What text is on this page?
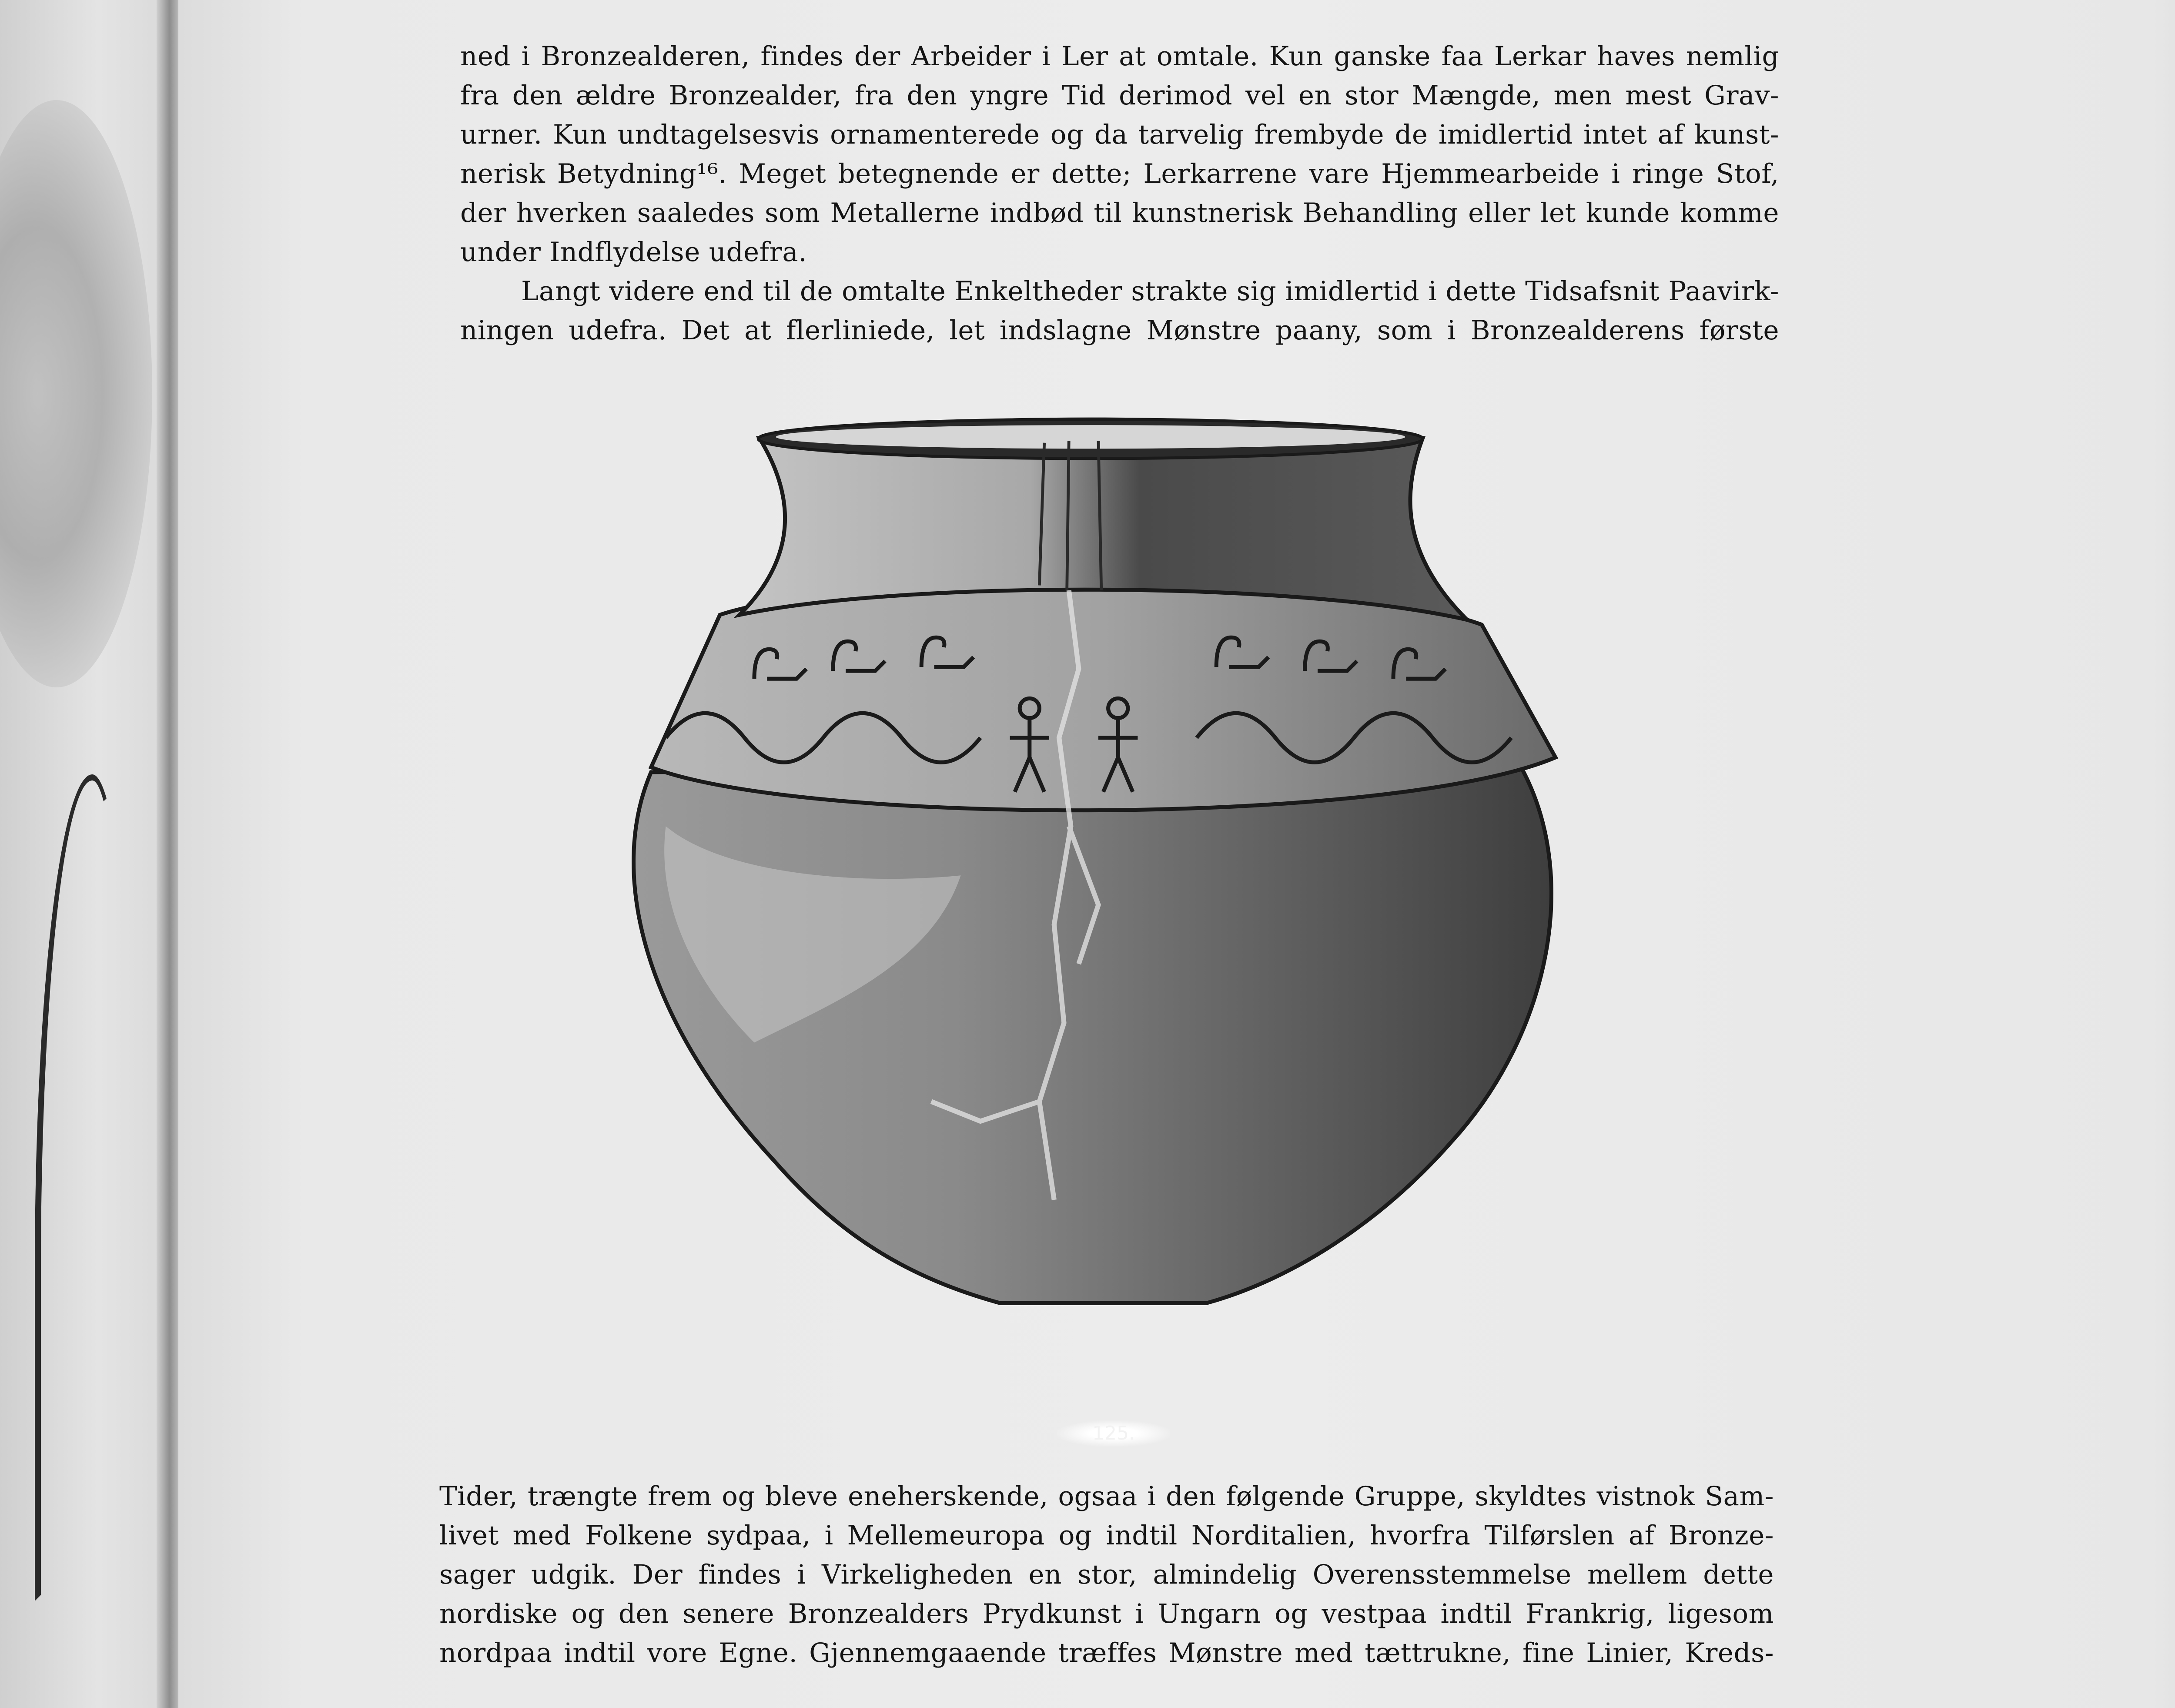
ned i Bronzealderen, findes der Arbeider i Ler at omtale. Kun ganske faa Lerkar haves nemlig
fra den ældre Bronzealder, fra den yngre Tid derimod vel en stor Mængde, men mest Grav-
urner. Kun undtagelsesvis ornamenterede og da tarvelig frembyde de imidlertid intet af kunst-
nerisk Betydning¹⁶. Meget betegnende er dette; Lerkarrene vare Hjemmearbeide i ringe Stof,
der hverken saaledes som Metallerne indbød til kunstnerisk Behandling eller let kunde komme
under Indflydelse udefra.
Langt videre end til de omtalte Enkeltheder strakte sig imidlertid i dette Tidsafsnit Paavirk-
ningen udefra. Det at flerliniede, let indslagne Mønstre paany, som i Bronzealderens første
125.
Tider, trængte frem og bleve eneherskende, ogsaa i den følgende Gruppe, skyldtes vistnok Sam-
livet med Folkene sydpaa, i Mellemeuropa og indtil Norditalien, hvorfra Tilførslen af Bronze-
sager udgik. Der findes i Virkeligheden en stor, almindelig Overensstemmelse mellem dette
nordiske og den senere Bronzealders Prydkunst i Ungarn og vestpaa indtil Frankrig, ligesom
nordpaa indtil vore Egne. Gjennemgaaende træffes Mønstre med tættrukne, fine Linier, Kreds-
